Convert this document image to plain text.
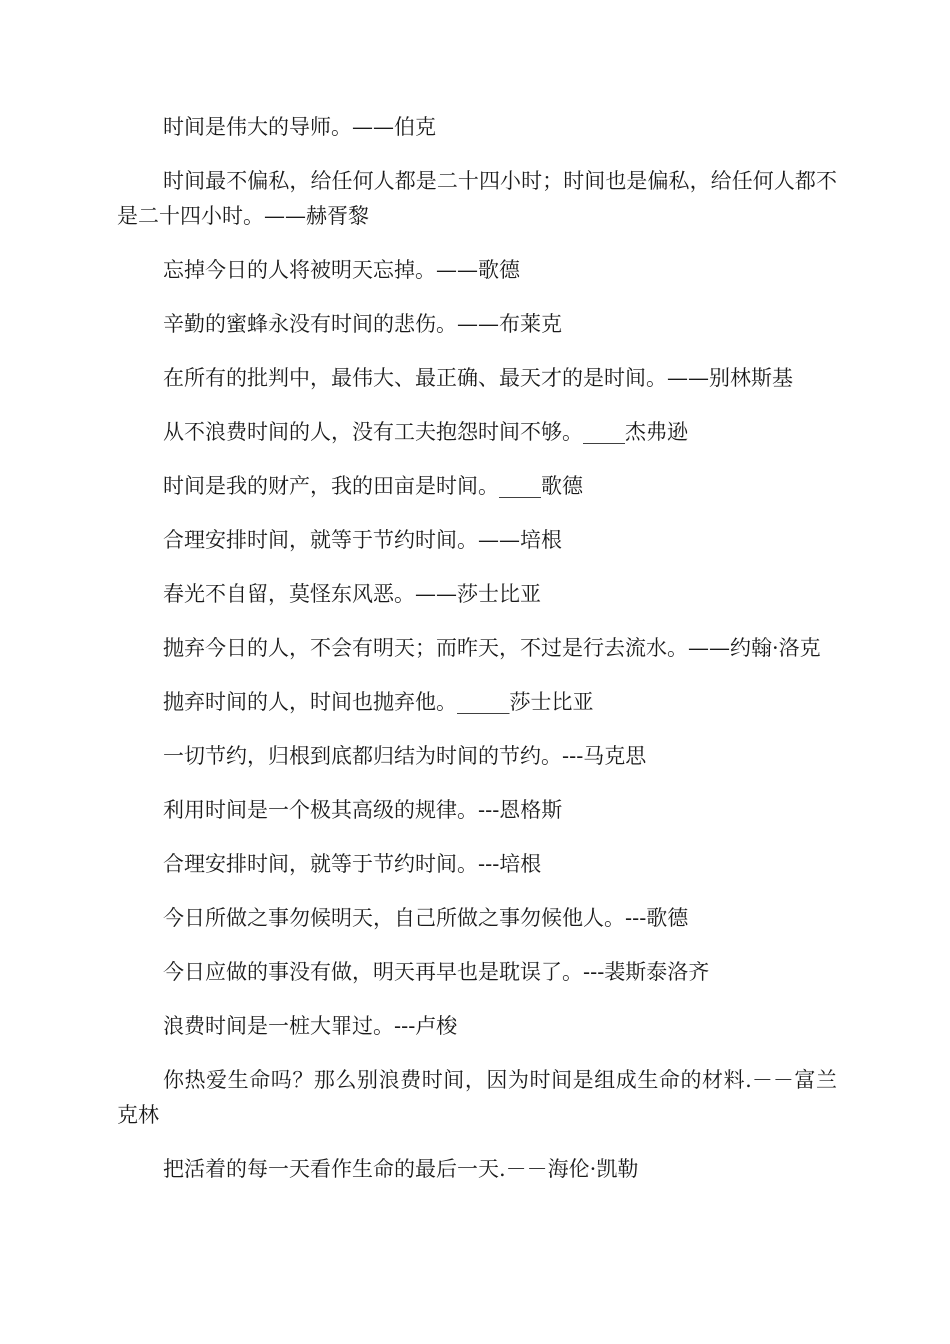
时间是伟大的导师。——伯克

时间最不偏私，给任何人都是二十四小时；时间也是偏私，给任何人都不是二十四小时。——赫胥黎

忘掉今日的人将被明天忘掉。——歌德

辛勤的蜜蜂永没有时间的悲伤。——布莱克

在所有的批判中，最伟大、最正确、最天才的是时间。——别林斯基

从不浪费时间的人，没有工夫抱怨时间不够。____杰弗逊

时间是我的财产，我的田亩是时间。____歌德

合理安排时间，就等于节约时间。——培根

春光不自留，莫怪东风恶。——莎士比亚

抛弃今日的人，不会有明天；而昨天，不过是行去流水。——约翰·洛克

抛弃时间的人，时间也抛弃他。_____莎士比亚

一切节约，归根到底都归结为时间的节约。---马克思

利用时间是一个极其高级的规律。---恩格斯

合理安排时间，就等于节约时间。---培根

今日所做之事勿候明天，自己所做之事勿候他人。---歌德

今日应做的事没有做，明天再早也是耽误了。---裴斯泰洛齐

浪费时间是一桩大罪过。---卢梭

你热爱生命吗？那么别浪费时间，因为时间是组成生命的材料.－－富兰克林

把活着的每一天看作生命的最后一天.－－海伦·凯勒
